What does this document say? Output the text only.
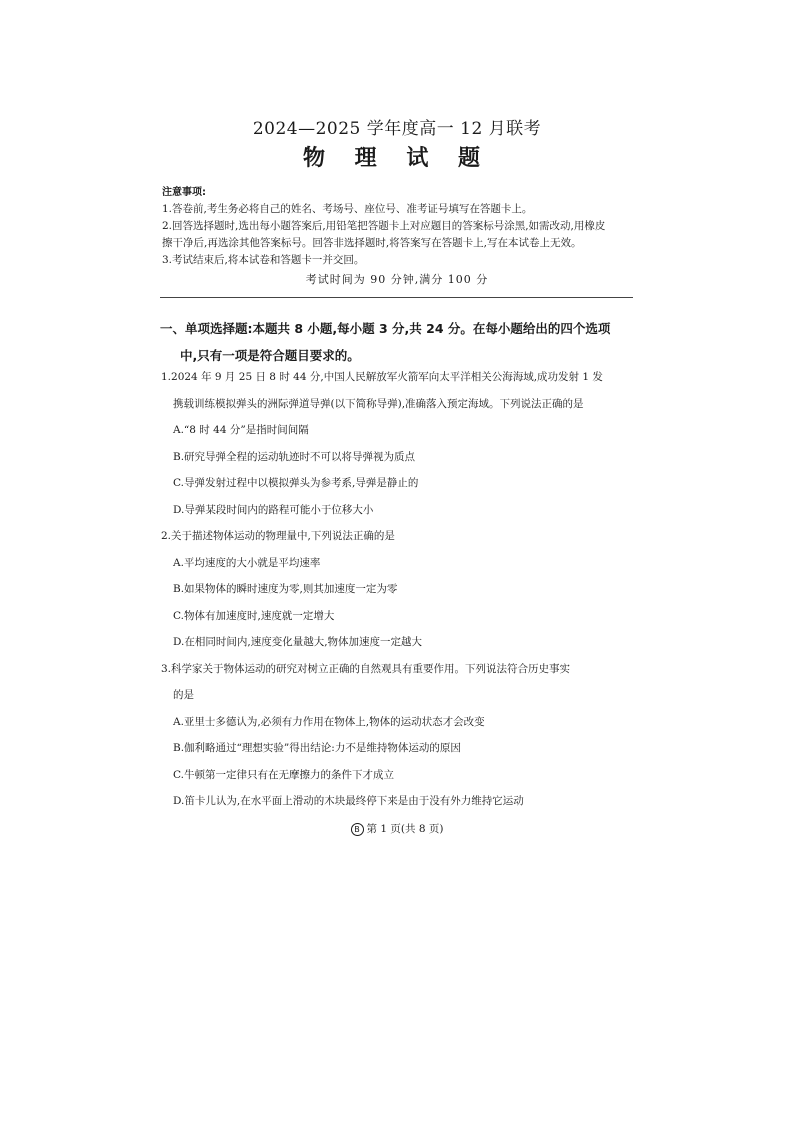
2024—2025 学年度高一 12 月联考
物 理 试 题
注意事项:
1.答卷前,考生务必将自己的姓名、考场号、座位号、准考证号填写在答题卡上。
2.回答选择题时,选出每小题答案后,用铅笔把答题卡上对应题目的答案标号涂黑,如需改动,用橡皮
擦干净后,再选涂其他答案标号。回答非选择题时,将答案写在答题卡上,写在本试卷上无效。
3.考试结束后,将本试卷和答题卡一并交回。
考试时间为 90 分钟,满分 100 分
一、单项选择题:本题共 8 小题,每小题 3 分,共 24 分。在每小题给出的四个选项
中,只有一项是符合题目要求的。
1.2024 年 9 月 25 日 8 时 44 分,中国人民解放军火箭军向太平洋相关公海海域,成功发射 1 发
携载训练模拟弹头的洲际弹道导弹(以下简称导弹),准确落入预定海域。下列说法正确的是
A.“8 时 44 分”是指时间间隔
B.研究导弹全程的运动轨迹时不可以将导弹视为质点
C.导弹发射过程中以模拟弹头为参考系,导弹是静止的
D.导弹某段时间内的路程可能小于位移大小
2.关于描述物体运动的物理量中,下列说法正确的是
A.平均速度的大小就是平均速率
B.如果物体的瞬时速度为零,则其加速度一定为零
C.物体有加速度时,速度就一定增大
D.在相同时间内,速度变化量越大,物体加速度一定越大
3.科学家关于物体运动的研究对树立正确的自然观具有重要作用。下列说法符合历史事实
的是
A.亚里士多德认为,必须有力作用在物体上,物体的运动状态才会改变
B.伽利略通过“理想实验”得出结论:力不是维持物体运动的原因
C.牛顿第一定律只有在无摩擦力的条件下才成立
D.笛卡儿认为,在水平面上滑动的木块最终停下来是由于没有外力维持它运动
B 第 1 页(共 8 页)
